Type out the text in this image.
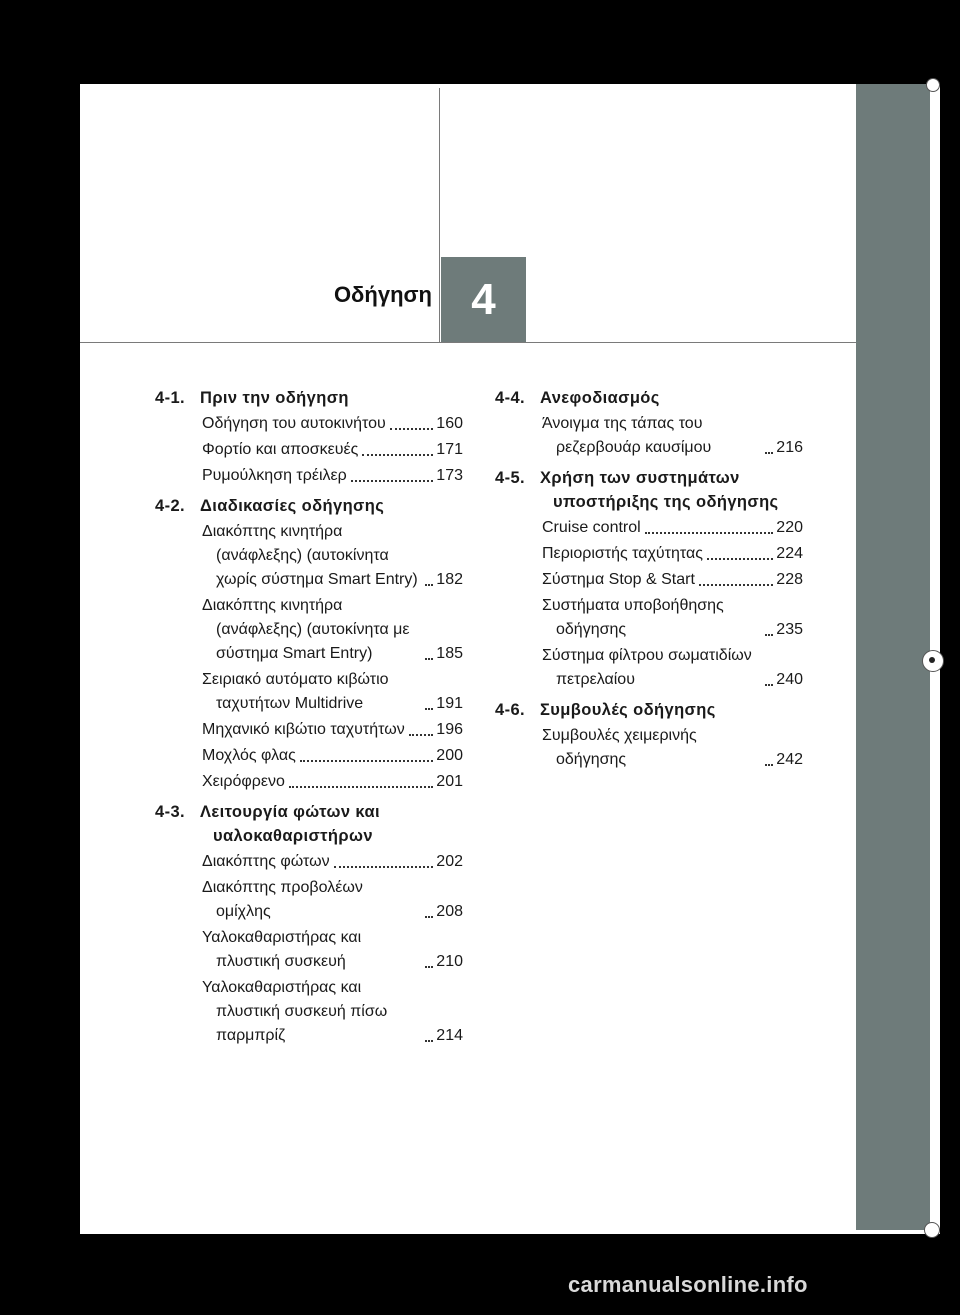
Οδήγηση 4
4-1. Πριν την οδήγηση
Οδήγηση του αυτοκινήτου	160
Φορτίο και αποσκευές	171
Ρυμούλκηση τρέιλερ	173
4-2. Διαδικασίες οδήγησης
Διακόπτης κινητήρα (ανάφλεξης) (αυτοκίνητα χωρίς σύστημα Smart Entry) 182
Διακόπτης κινητήρα (ανάφλεξης) (αυτοκίνητα με σύστημα Smart Entry)	185
Σειριακό αυτόματο κιβώτιο ταχυτήτων Multidrive	191
Μηχανικό κιβώτιο ταχυτήτων 196
Μοχλός φλας	200
Χειρόφρενο	201
4-3. Λειτουργία φώτων και υαλοκαθαριστήρων
Διακόπτης φώτων	202
Διακόπτης προβολέων ομίχλης	208
Υαλοκαθαριστήρας και πλυστική συσκευή	210
Υαλοκαθαριστήρας και πλυστική συσκευή πίσω παρμπρίζ	214
4-4. Ανεφοδιασμός
Άνοιγμα της τάπας του ρεζερβουάρ καυσίμου	216
4-5. Χρήση των συστημάτων υποστήριξης της οδήγησης
Cruise control	220
Περιοριστής ταχύτητας	224
Σύστημα Stop & Start	228
Συστήματα υποβοήθησης οδήγησης	235
Σύστημα φίλτρου σωματιδίων πετρελαίου	240
4-6. Συμβουλές οδήγησης
Συμβουλές χειμερινής οδήγησης	242
carmanualsonline.info
